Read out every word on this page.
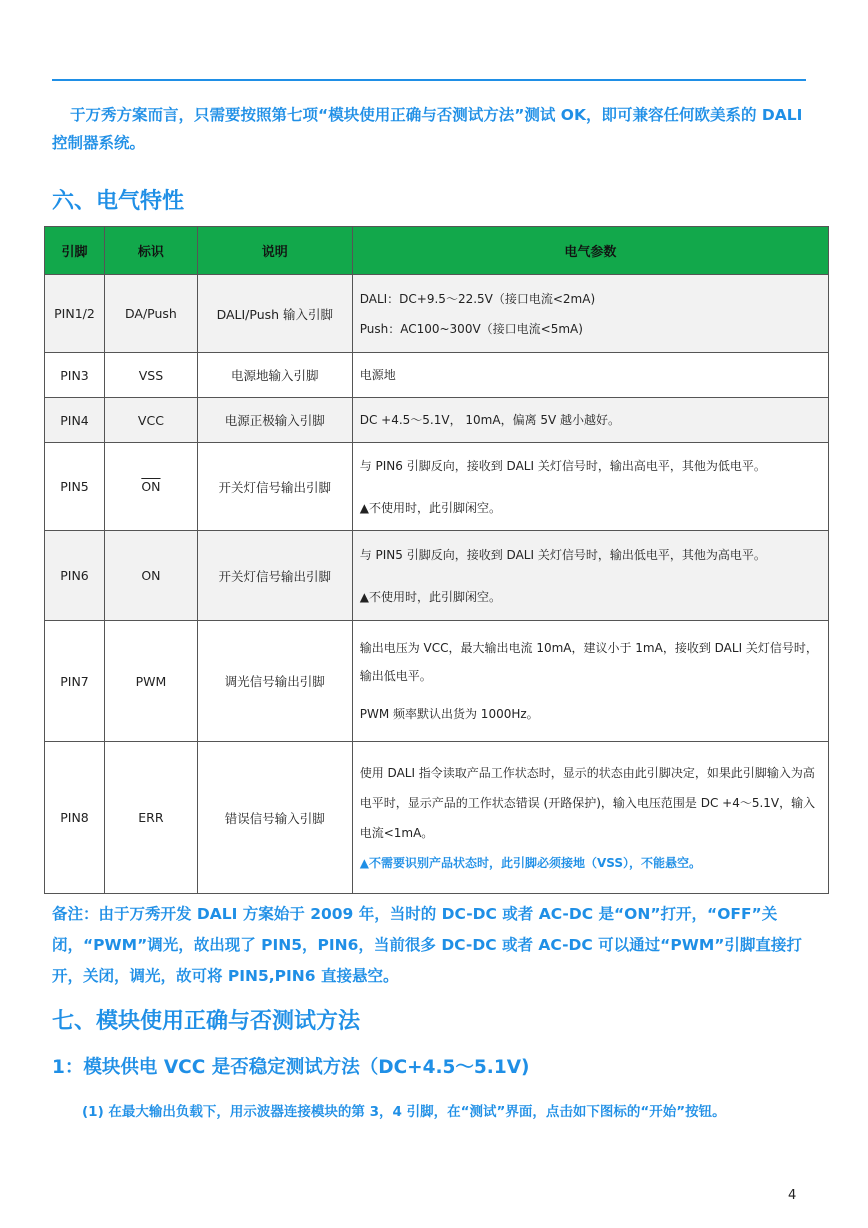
于万秀方案而言，只需要按照第七项“模块使用正确与否测试方法”测试 OK，即可兼容任何欧美系的 DALI 控制器系统。
六、电气特性
引脚	标识	说明	电气参数
PIN1/2	DA/Push	DALI/Push 输入引脚	DALI：DC+9.5～22.5V（接口电流<2mA)
Push：AC100~300V（接口电流<5mA)

PIN3	VSS	电源地输入引脚	电源地

PIN4	VCC	电源正极输入引脚	DC +4.5～5.1V， 10mA，偏离 5V 越小越好。

PIN5	$\overline{ON}$	开关灯信号输出引脚	与 PIN6 引脚反向，接收到 DALI 关灯信号时，输出高电平，其他为低电平。
▲不使用时，此引脚闲空。

PIN6	ON	开关灯信号输出引脚	与 PIN5 引脚反向，接收到 DALI 关灯信号时，输出低电平，其他为高电平。
▲不使用时，此引脚闲空。

PIN7	PWM	调光信号输出引脚	输出电压为 VCC，最大输出电流 10mA，建议小于 1mA，接收到 DALI 关灯信号时，输出低电平。
PWM 频率默认出货为 1000Hz。

PIN8	ERR	错误信号输入引脚	使用 DALI 指令读取产品工作状态时，显示的状态由此引脚决定，如果此引脚输入为高电平时，显示产品的工作状态错误 (开路保护)，输入电压范围是 DC +4～5.1V，输入电流<1mA。
▲不需要识别产品状态时，此引脚必须接地（VSS），不能悬空。
备注：由于万秀开发 DALI 方案始于 2009 年，当时的 DC-DC 或者 AC-DC 是“ON”打开，“OFF”关闭，“PWM”调光，故出现了 PIN5，PIN6，当前很多 DC-DC 或者 AC-DC 可以通过“PWM”引脚直接打开，关闭，调光，故可将 PIN5,PIN6 直接悬空。
七、模块使用正确与否测试方法
1：模块供电 VCC 是否稳定测试方法（DC+4.5～5.1V)
(1) 在最大输出负载下，用示波器连接模块的第 3，4 引脚，在“测试”界面，点击如下图标的“开始”按钮。
4
